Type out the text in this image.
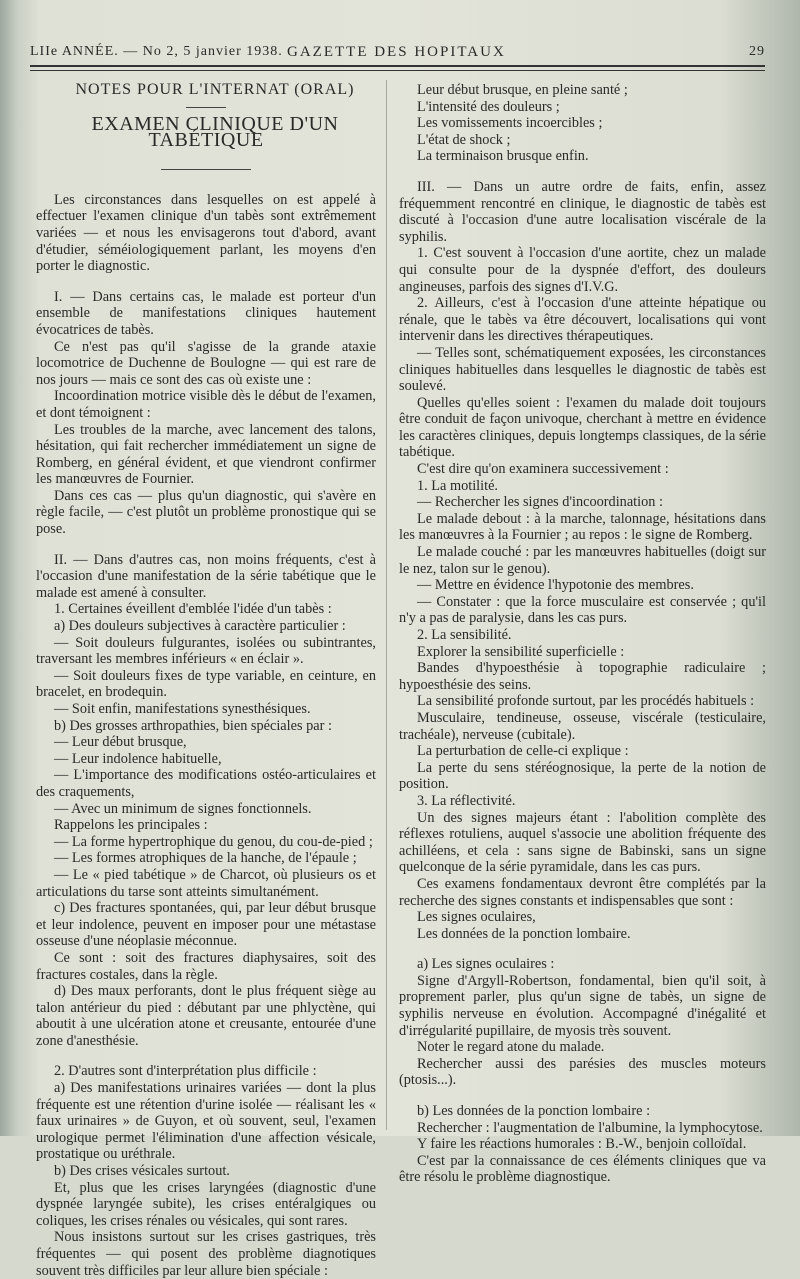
LIIe ANNÉE. — No 2, 5 janvier 1938. GAZETTE DES HOPITAUX	29

NOTES POUR L'INTERNAT (ORAL)

EXAMEN CLINIQUE D'UN TABÉTIQUE

Les circonstances dans lesquelles on est appelé à effectuer l'examen clinique d'un tabès sont extrêmement variées — et nous les envisagerons tout d'abord, avant d'étudier, séméiologiquement parlant, les moyens d'en porter le diagnostic.

I. — Dans certains cas, le malade est porteur d'un ensemble de manifestations cliniques hautement évocatrices de tabès.

Ce n'est pas qu'il s'agisse de la grande ataxie locomotrice de Duchenne de Boulogne — qui est rare de nos jours — mais ce sont des cas où existe une :

Incoordination motrice visible dès le début de l'examen, et dont témoignent :

Les troubles de la marche, avec lancement des talons, hésitation, qui fait rechercher immédiatement un signe de Romberg, en général évident, et que viendront confirmer les manœuvres de Fournier.

Dans ces cas — plus qu'un diagnostic, qui s'avère en règle facile, — c'est plutôt un problème pronostique qui se pose.

II. — Dans d'autres cas, non moins fréquents, c'est à l'occasion d'une manifestation de la série tabétique que le malade est amené à consulter.

1. Certaines éveillent d'emblée l'idée d'un tabès :

a) Des douleurs subjectives à caractère particulier :

— Soit douleurs fulgurantes, isolées ou subintrantes, traversant les membres inférieurs « en éclair ».

— Soit douleurs fixes de type variable, en ceinture, en bracelet, en brodequin.

— Soit enfin, manifestations synesthésiques.

b) Des grosses arthropathies, bien spéciales par :

— Leur début brusque,

— Leur indolence habituelle,

— L'importance des modifications ostéo-articulaires et des craquements,

— Avec un minimum de signes fonctionnels.

Rappelons les principales :

— La forme hypertrophique du genou, du cou-de-pied ;

— Les formes atrophiques de la hanche, de l'épaule ;

— Le « pied tabétique » de Charcot, où plusieurs os et articulations du tarse sont atteints simultanément.

c) Des fractures spontanées, qui, par leur début brusque et leur indolence, peuvent en imposer pour une métastase osseuse d'une néoplasie méconnue.

Ce sont : soit des fractures diaphysaires, soit des fractures costales, dans la règle.

d) Des maux perforants, dont le plus fréquent siège au talon antérieur du pied : débutant par une phlyctène, qui aboutit à une ulcération atone et creusante, entourée d'une zone d'anesthésie.

2. D'autres sont d'interprétation plus difficile :

a) Des manifestations urinaires variées — dont la plus fréquente est une rétention d'urine isolée — réalisant les « faux urinaires » de Guyon, et où souvent, seul, l'examen urologique permet l'élimination d'une affection vésicale, prostatique ou uréthrale.

b) Des crises vésicales surtout.

Et, plus que les crises laryngées (diagnostic d'une dyspnée laryngée subite), les crises entéralgiques ou coliques, les crises rénales ou vésicales, qui sont rares.

Nous insistons surtout sur les crises gastriques, très fréquentes — qui posent des problème diagnotiques souvent très difficiles par leur allure bien spéciale :

Leur début brusque, en pleine santé ;

L'intensité des douleurs ;

Les vomissements incoercibles ;

L'état de shock ;

La terminaison brusque enfin.

III. — Dans un autre ordre de faits, enfin, assez fréquemment rencontré en clinique, le diagnostic de tabès est discuté à l'occasion d'une autre localisation viscérale de la syphilis.

1. C'est souvent à l'occasion d'une aortite, chez un malade qui consulte pour de la dyspnée d'effort, des douleurs angineuses, parfois des signes d'I.V.G.

2. Ailleurs, c'est à l'occasion d'une atteinte hépatique ou rénale, que le tabès va être découvert, localisations qui vont intervenir dans les directives thérapeutiques.

— Telles sont, schématiquement exposées, les circonstances cliniques habituelles dans lesquelles le diagnostic de tabès est soulevé.

Quelles qu'elles soient : l'examen du malade doit toujours être conduit de façon univoque, cherchant à mettre en évidence les caractères cliniques, depuis longtemps classiques, de la série tabétique.

C'est dire qu'on examinera successivement :

1. La motilité.

— Rechercher les signes d'incoordination :

Le malade debout : à la marche, talonnage, hésitations dans les manœuvres à la Fournier ; au repos : le signe de Romberg.

Le malade couché : par les manœuvres habituelles (doigt sur le nez, talon sur le genou).

— Mettre en évidence l'hypotonie des membres.

— Constater : que la force musculaire est conservée ; qu'il n'y a pas de paralysie, dans les cas purs.

2. La sensibilité.

Explorer la sensibilité superficielle :

Bandes d'hypoesthésie à topographie radiculaire ; hypoesthésie des seins.

La sensibilité profonde surtout, par les procédés habituels :

Musculaire, tendineuse, osseuse, viscérale (testiculaire, trachéale), nerveuse (cubitale).

La perturbation de celle-ci explique :

La perte du sens stéréognosique, la perte de la notion de position.

3. La réflectivité.

Un des signes majeurs étant : l'abolition complète des réflexes rotuliens, auquel s'associe une abolition fréquente des achilléens, et cela : sans signe de Babinski, sans un signe quelconque de la série pyramidale, dans les cas purs.

Ces examens fondamentaux devront être complétés par la recherche des signes constants et indispensables que sont :

Les signes oculaires,

Les données de la ponction lombaire.

a) Les signes oculaires :

Signe d'Argyll-Robertson, fondamental, bien qu'il soit, à proprement parler, plus qu'un signe de tabès, un signe de syphilis nerveuse en évolution. Accompagné d'inégalité et d'irrégularité pupillaire, de myosis très souvent.

Noter le regard atone du malade.

Rechercher aussi des parésies des muscles moteurs (ptosis...).

b) Les données de la ponction lombaire :

Rechercher : l'augmentation de l'albumine, la lymphocytose.

Y faire les réactions humorales : B.-W., benjoin colloïdal.

C'est par la connaissance de ces éléments cliniques que va être résolu le problème diagnostique.
